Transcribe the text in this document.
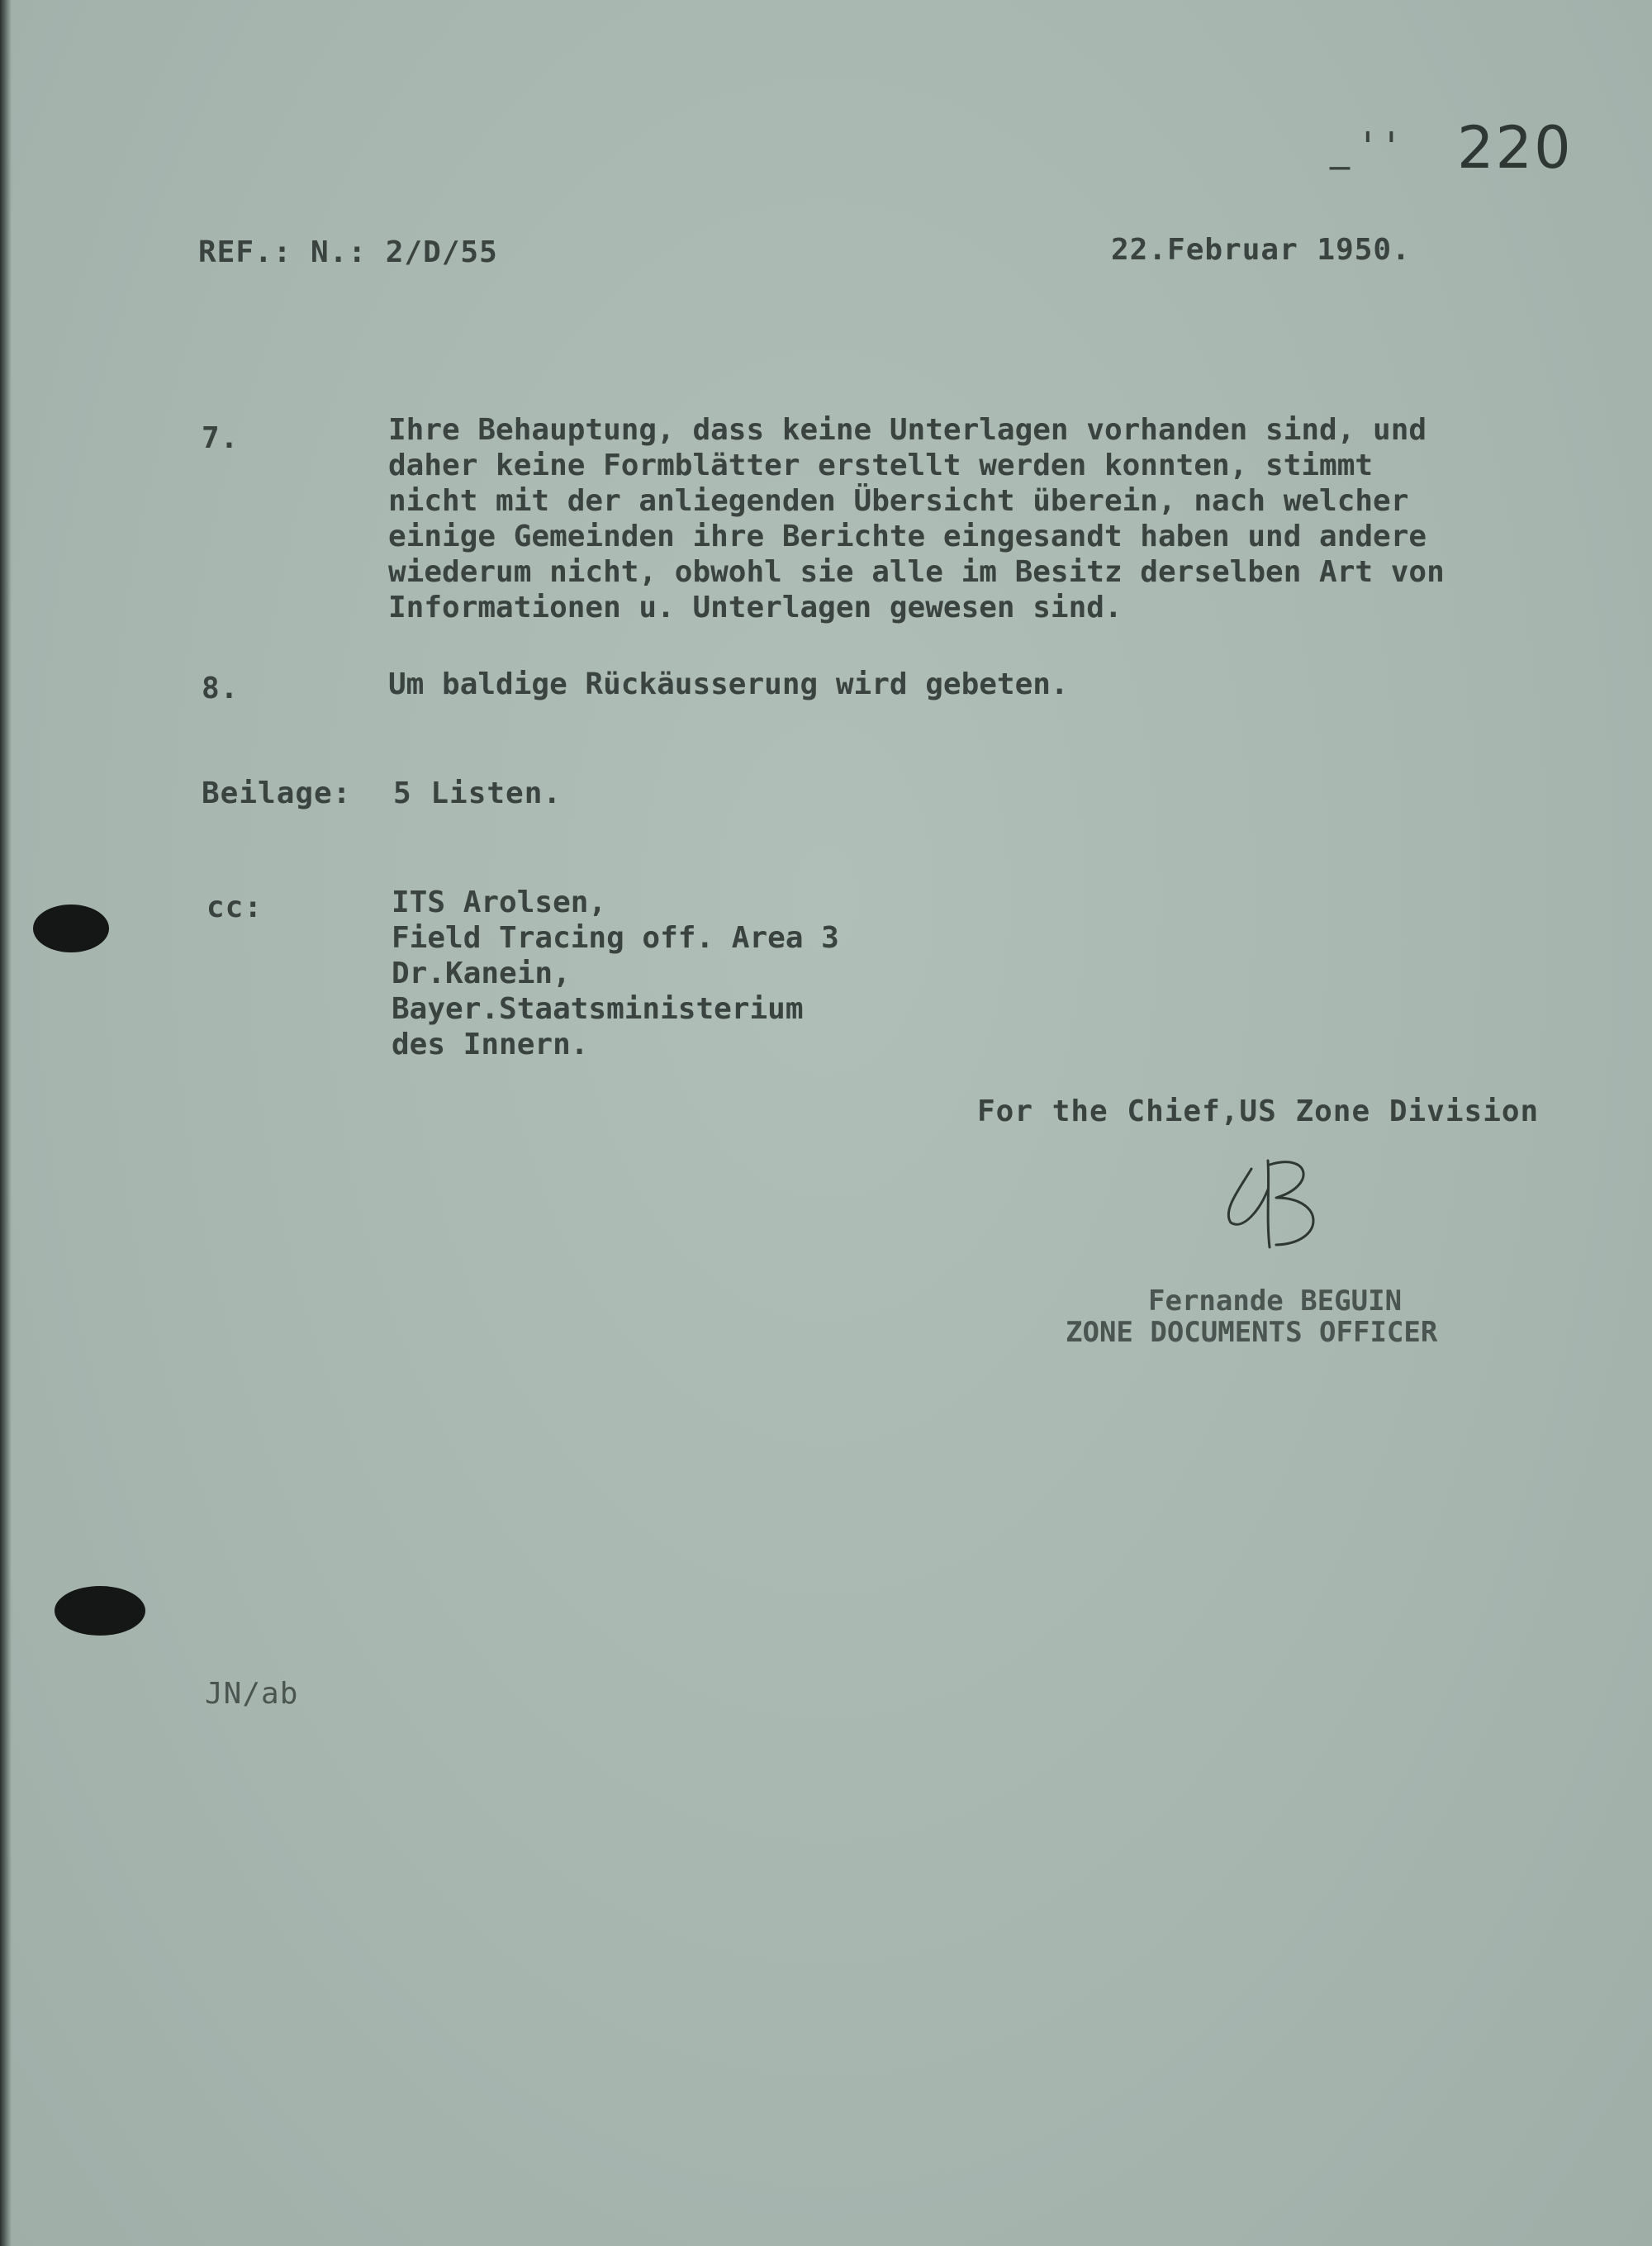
_ ' ' 220
REF.: N.: 2/D/55	22.Februar 1950.
7.	Ihre Behauptung, dass keine Unterlagen vorhanden sind, und
daher keine Formblätter erstellt werden konnten, stimmt
nicht mit der anliegenden Übersicht überein, nach welcher
einige Gemeinden ihre Berichte eingesandt haben und andere
wiederum nicht, obwohl sie alle im Besitz derselben Art von
Informationen u. Unterlagen gewesen sind.
8.	Um baldige Rückäusserung wird gebeten.
Beilage: 5 Listen.
cc:	ITS Arolsen,
Field Tracing off. Area 3
Dr.Kanein,
Bayer.Staatsministerium
des Innern.
For the Chief,US Zone Division
Fernande BEGUIN
ZONE DOCUMENTS OFFICER
JN/ab
